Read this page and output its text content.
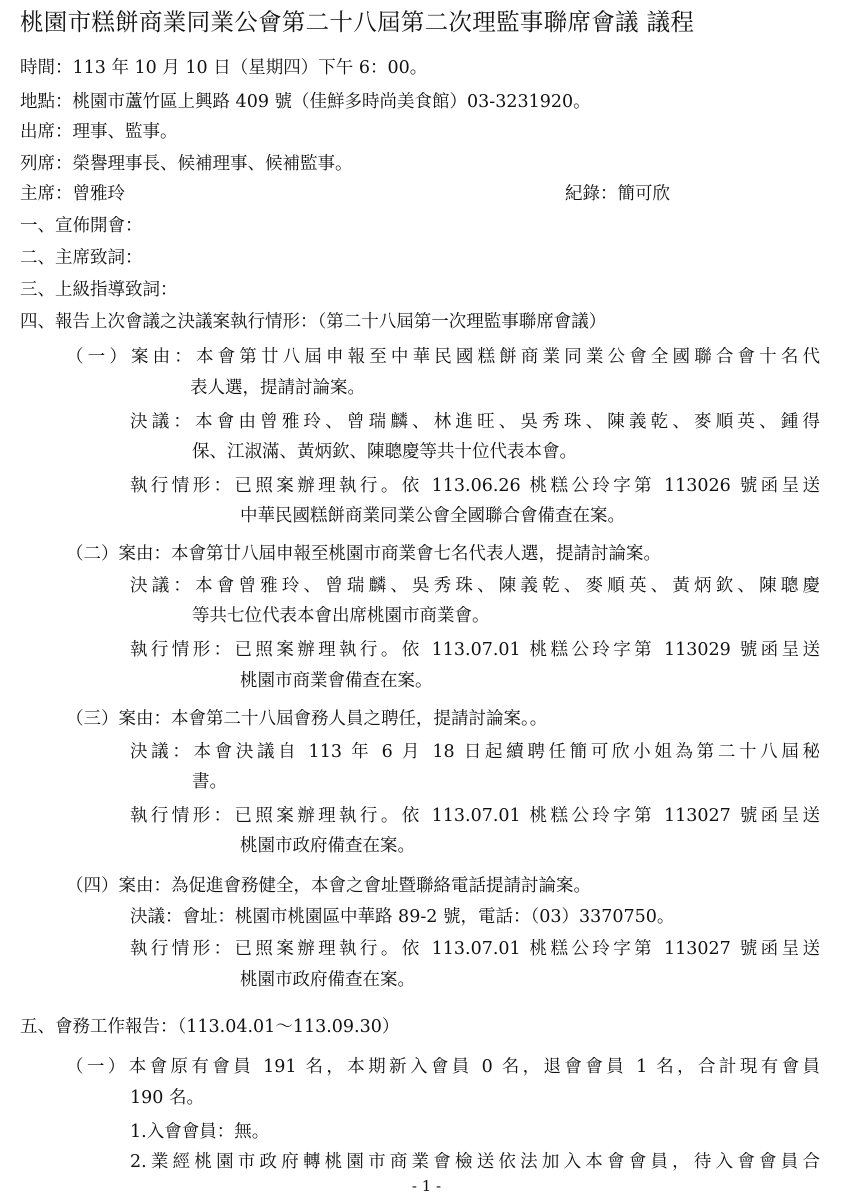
桃園市糕餅商業同業公會第二十八屆第二次理監事聯席會議 議程
時間：113 年 10 月 10 日（星期四）下午 6：00。
地點：桃園市蘆竹區上興路 409 號（佳鮮多時尚美食館）03-3231920。
出席：理事、監事。
列席：榮譽理事長、候補理事、候補監事。
主席：曾雅玲	紀錄：簡可欣
一、宣佈開會：
二、主席致詞：
三、上級指導致詞：
四、報告上次會議之決議案執行情形：（第二十八屆第一次理監事聯席會議）
（一）案由：本會第廿八屆申報至中華民國糕餅商業同業公會全國聯合會十名代
表人選，提請討論案。
決議：本會由曾雅玲、曾瑞麟、林進旺、吳秀珠、陳義乾、麥順英、鍾得
保、江淑滿、黃炳欽、陳聰慶等共十位代表本會。
執行情形：已照案辦理執行。依 113.06.26 桃糕公玲字第 113026 號函呈送
中華民國糕餅商業同業公會全國聯合會備查在案。
（二）案由：本會第廿八屆申報至桃園市商業會七名代表人選，提請討論案。
決議：本會曾雅玲、曾瑞麟、吳秀珠、陳義乾、麥順英、黃炳欽、陳聰慶
等共七位代表本會出席桃園市商業會。
執行情形：已照案辦理執行。依 113.07.01 桃糕公玲字第 113029 號函呈送
桃園市商業會備查在案。
（三）案由：本會第二十八屆會務人員之聘任，提請討論案。。
決議：本會決議自 113 年 6 月 18 日起續聘任簡可欣小姐為第二十八屆秘
書。
執行情形：已照案辦理執行。依 113.07.01 桃糕公玲字第 113027 號函呈送
桃園市政府備查在案。
（四）案由：為促進會務健全，本會之會址暨聯絡電話提請討論案。
決議：會址：桃園市桃園區中華路 89-2 號，電話：（03）3370750。
執行情形：已照案辦理執行。依 113.07.01 桃糕公玲字第 113027 號函呈送
桃園市政府備查在案。
五、會務工作報告：（113.04.01～113.09.30）
（一）本會原有會員 191 名，本期新入會員 0 名，退會會員 1 名，合計現有會員
190 名。
1.入會會員：無。
2.業經桃園市政府轉桃園市商業會檢送依法加入本會會員，待入會會員合
- 1 -
